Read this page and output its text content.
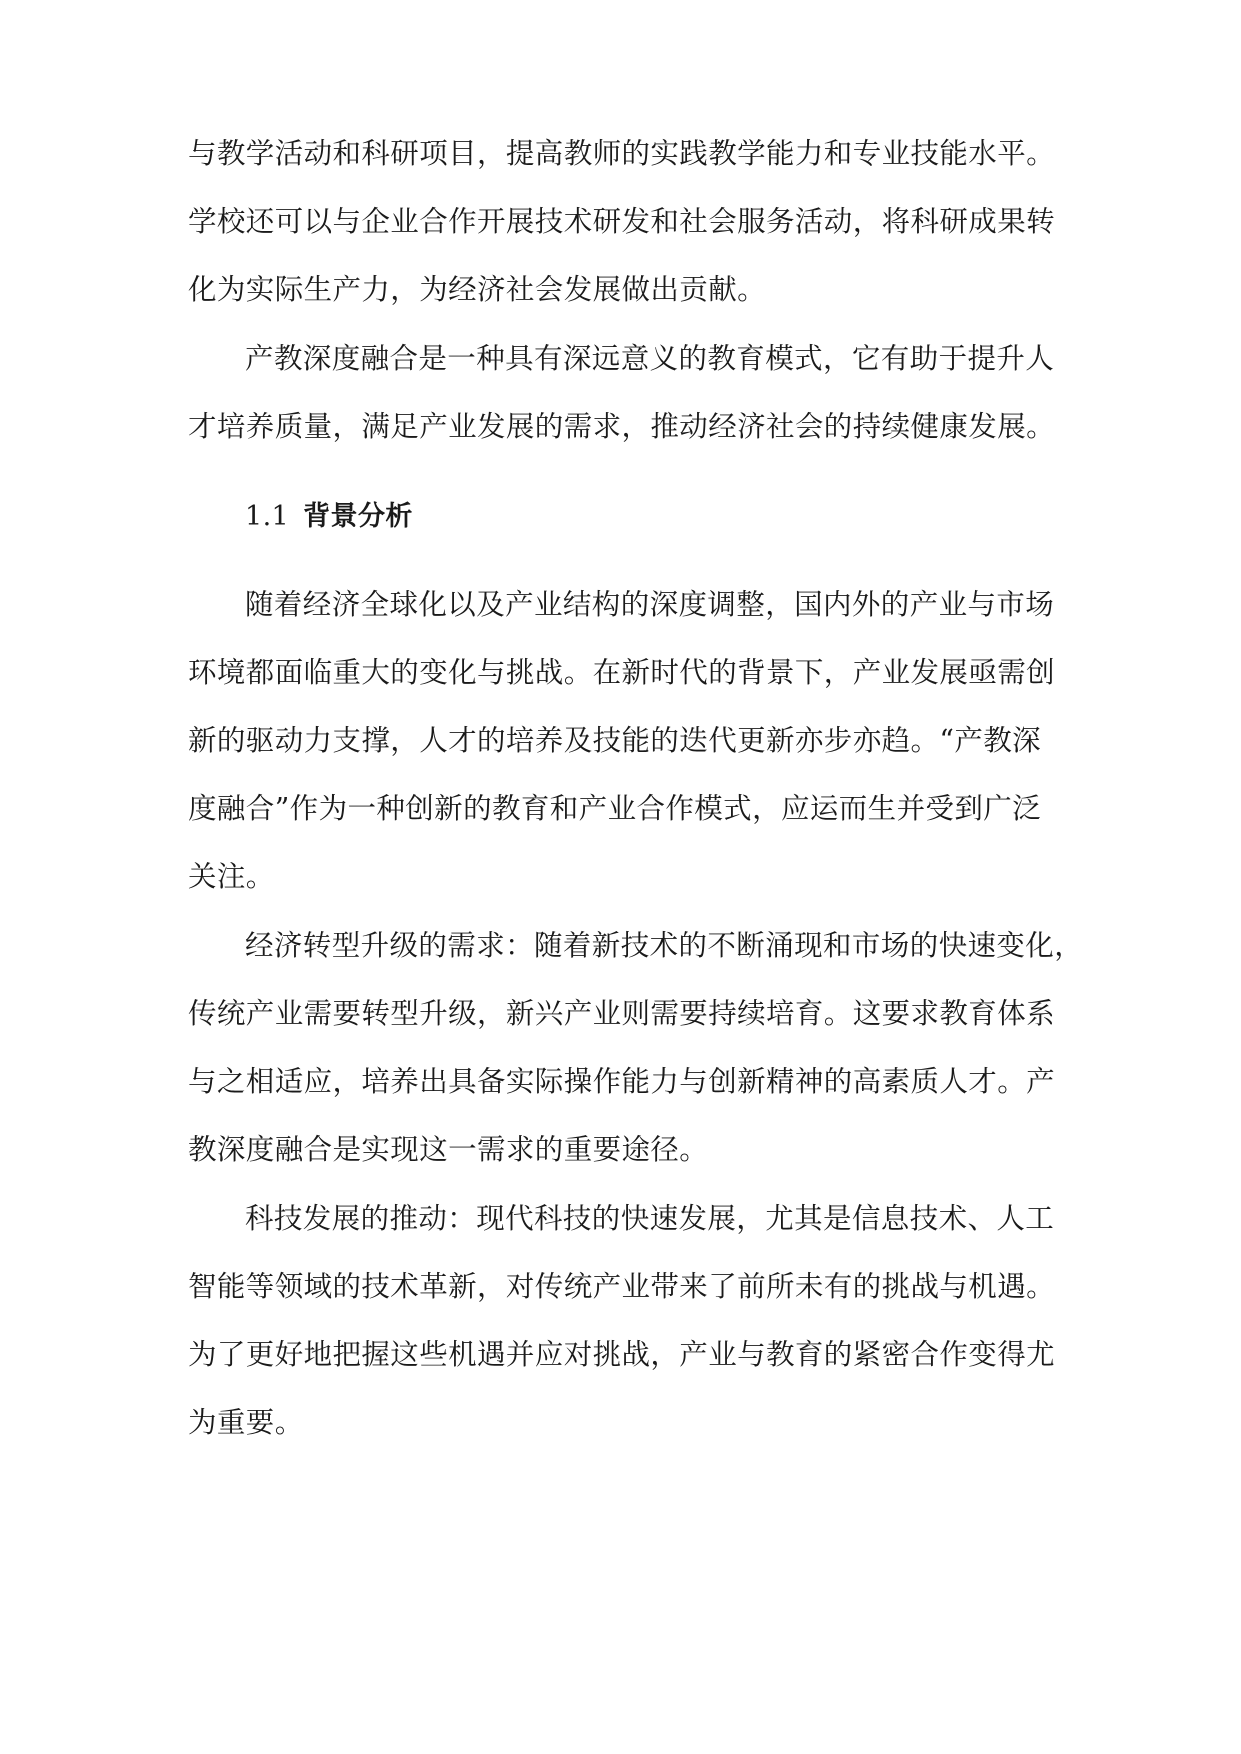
与教学活动和科研项目，提高教师的实践教学能力和专业技能水平。
学校还可以与企业合作开展技术研发和社会服务活动，将科研成果转
化为实际生产力，为经济社会发展做出贡献。
产教深度融合是一种具有深远意义的教育模式，它有助于提升人
才培养质量，满足产业发展的需求，推动经济社会的持续健康发展。
1.1 背景分析
随着经济全球化以及产业结构的深度调整，国内外的产业与市场
环境都面临重大的变化与挑战。在新时代的背景下，产业发展亟需创
新的驱动力支撑，人才的培养及技能的迭代更新亦步亦趋。“产教深
度融合”作为一种创新的教育和产业合作模式，应运而生并受到广泛
关注。
经济转型升级的需求：随着新技术的不断涌现和市场的快速变化，
传统产业需要转型升级，新兴产业则需要持续培育。这要求教育体系
与之相适应，培养出具备实际操作能力与创新精神的高素质人才。产
教深度融合是实现这一需求的重要途径。
科技发展的推动：现代科技的快速发展，尤其是信息技术、人工
智能等领域的技术革新，对传统产业带来了前所未有的挑战与机遇。
为了更好地把握这些机遇并应对挑战，产业与教育的紧密合作变得尤
为重要。
